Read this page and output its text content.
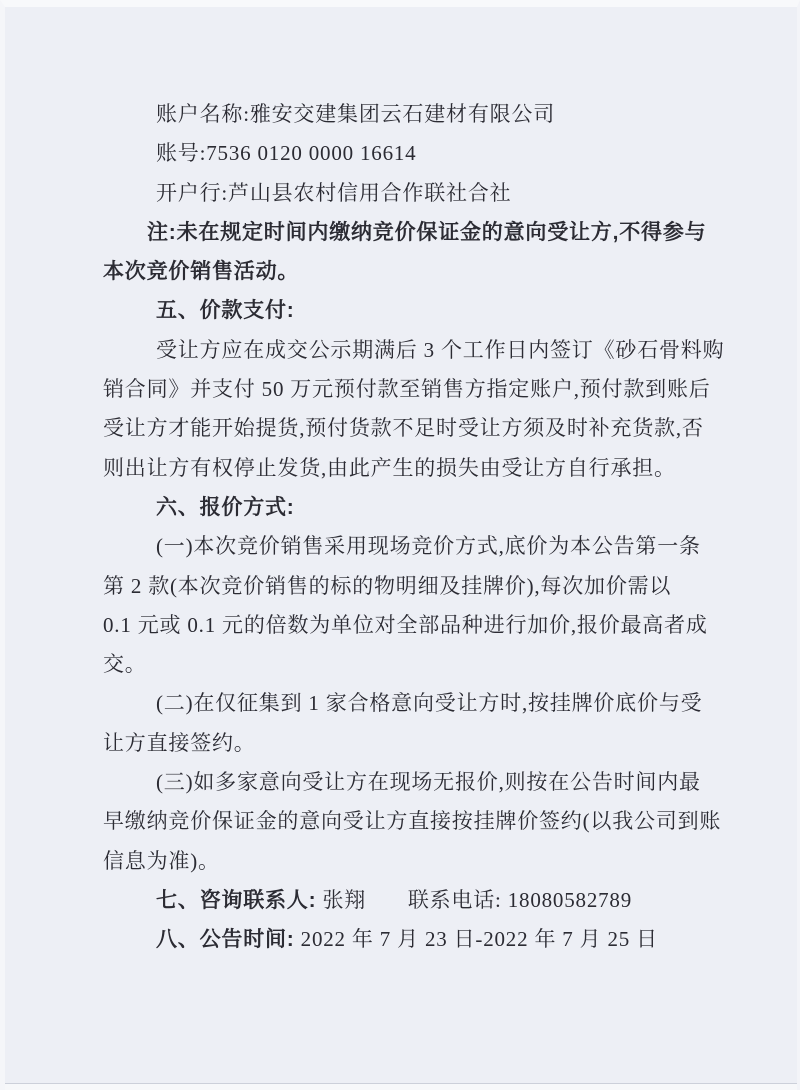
账户名称:雅安交建集团云石建材有限公司

账号:7536 0120 0000 16614

开户行:芦山县农村信用合作联社合社

注:未在规定时间内缴纳竞价保证金的意向受让方,不得参与

本次竞价销售活动。

五、价款支付:

受让方应在成交公示期满后 3 个工作日内签订《砂石骨料购

销合同》并支付 50 万元预付款至销售方指定账户,预付款到账后

受让方才能开始提货,预付货款不足时受让方须及时补充货款,否

则出让方有权停止发货,由此产生的损失由受让方自行承担。

六、报价方式:

(一)本次竞价销售采用现场竞价方式,底价为本公告第一条

第 2 款(本次竞价销售的标的物明细及挂牌价),每次加价需以

0.1 元或 0.1 元的倍数为单位对全部品种进行加价,报价最高者成

交。

(二)在仅征集到 1 家合格意向受让方时,按挂牌价底价与受

让方直接签约。

(三)如多家意向受让方在现场无报价,则按在公告时间内最

早缴纳竞价保证金的意向受让方直接按挂牌价签约(以我公司到账

信息为准)。

七、咨询联系人: 张翔 联系电话: 18080582789

八、公告时间: 2022 年 7 月 23 日-2022 年 7 月 25 日
